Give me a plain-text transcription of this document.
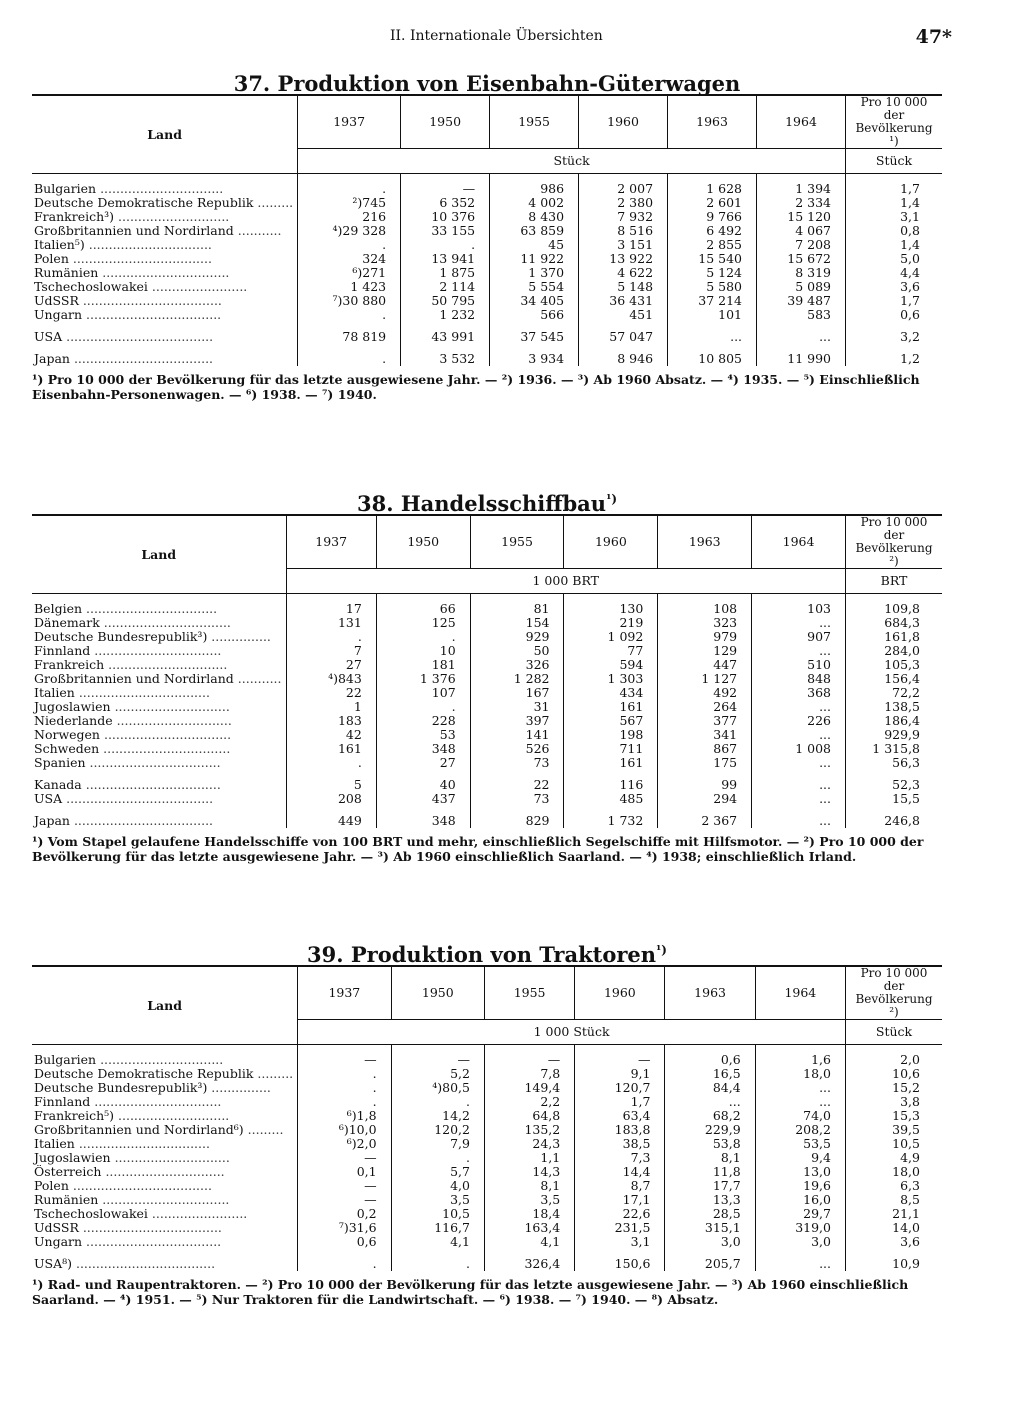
II. Internationale Übersichten	47*
37. Produktion von Eisenbahn-Güterwagen
Land	1937	1950	1955	1960	1963	1964	Pro 10 000 der Bevölkerung ¹)
	Stück						Stück
Bulgarien ...............................	.	—	986	2 007	1 628	1 394	1,7
Deutsche Demokratische Republik .........	²)745	6 352	4 002	2 380	2 601	2 334	1,4
Frankreich³) ............................	216	10 376	8 430	7 932	9 766	15 120	3,1
Großbritannien und Nordirland ...........	⁴)29 328	33 155	63 859	8 516	6 492	4 067	0,8
Italien⁵) ...............................	.	.	45	3 151	2 855	7 208	1,4
Polen ...................................	324	13 941	11 922	13 922	15 540	15 672	5,0
Rumänien ................................	⁶)271	1 875	1 370	4 622	5 124	8 319	4,4
Tschechoslowakei ........................	1 423	2 114	5 554	5 148	5 580	5 089	3,6
UdSSR ...................................	⁷)30 880	50 795	34 405	36 431	37 214	39 487	1,7
Ungarn ..................................	.	1 232	566	451	101	583	0,6
USA .....................................	78 819	43 991	37 545	57 047	...	...	3,2
Japan ...................................	.	3 532	3 934	8 946	10 805	11 990	1,2
¹) Pro 10 000 der Bevölkerung für das letzte ausgewiesene Jahr. — ²) 1936. — ³) Ab 1960 Absatz. — ⁴) 1935. — ⁵) Einschließlich Eisenbahn-Personenwagen. — ⁶) 1938. — ⁷) 1940.
38. Handelsschiffbau$^{^1)}$
Land	1937	1950	1955	1960	1963	1964	Pro 10 000 der Bevölkerung ²)
	1 000 BRT						BRT
Belgien .................................	17	66	81	130	108	103	109,8
Dänemark ................................	131	125	154	219	323	...	684,3
Deutsche Bundesrepublik³) ...............	.	.	929	1 092	979	907	161,8
Finnland ................................	7	10	50	77	129	...	284,0
Frankreich ..............................	27	181	326	594	447	510	105,3
Großbritannien und Nordirland ...........	⁴)843	1 376	1 282	1 303	1 127	848	156,4
Italien .................................	22	107	167	434	492	368	72,2
Jugoslawien .............................	1	.	31	161	264	...	138,5
Niederlande .............................	183	228	397	567	377	226	186,4
Norwegen ................................	42	53	141	198	341	...	929,9
Schweden ................................	161	348	526	711	867	1 008	1 315,8
Spanien .................................	.	27	73	161	175	...	56,3
Kanada ..................................	5	40	22	116	99	...	52,3
USA .....................................	208	437	73	485	294	...	15,5
Japan ...................................	449	348	829	1 732	2 367	...	246,8
¹) Vom Stapel gelaufene Handelsschiffe von 100 BRT und mehr, einschließlich Segelschiffe mit Hilfsmotor. — ²) Pro 10 000 der Bevölkerung für das letzte ausgewiesene Jahr. — ³) Ab 1960 einschließlich Saarland. — ⁴) 1938; einschließlich Irland.
39. Produktion von Traktoren$^{^1)}$
Land	1937	1950	1955	1960	1963	1964	Pro 10 000 der Bevölkerung ²)
	1 000 Stück						Stück
Bulgarien ...............................	—	—	—	—	0,6	1,6	2,0
Deutsche Demokratische Republik .........	.	5,2	7,8	9,1	16,5	18,0	10,6
Deutsche Bundesrepublik³) ...............	.	⁴)80,5	149,4	120,7	84,4	...	15,2
Finnland ................................	.	.	2,2	1,7	...	...	3,8
Frankreich⁵) ............................	⁶)1,8	14,2	64,8	63,4	68,2	74,0	15,3
Großbritannien und Nordirland⁶) .........	⁶)10,0	120,2	135,2	183,8	229,9	208,2	39,5
Italien .................................	⁶)2,0	7,9	24,3	38,5	53,8	53,5	10,5
Jugoslawien .............................	—	.	1,1	7,3	8,1	9,4	4,9
Österreich ..............................	0,1	5,7	14,3	14,4	11,8	13,0	18,0
Polen ...................................	—	4,0	8,1	8,7	17,7	19,6	6,3
Rumänien ................................	—	3,5	3,5	17,1	13,3	16,0	8,5
Tschechoslowakei ........................	0,2	10,5	18,4	22,6	28,5	29,7	21,1
UdSSR ...................................	⁷)31,6	116,7	163,4	231,5	315,1	319,0	14,0
Ungarn ..................................	0,6	4,1	4,1	3,1	3,0	3,0	3,6
USA⁸) ...................................	.	.	326,4	150,6	205,7	...	10,9
¹) Rad- und Raupentraktoren. — ²) Pro 10 000 der Bevölkerung für das letzte ausgewiesene Jahr. — ³) Ab 1960 einschließlich Saarland. — ⁴) 1951. — ⁵) Nur Traktoren für die Landwirtschaft. — ⁶) 1938. — ⁷) 1940. — ⁸) Absatz.
